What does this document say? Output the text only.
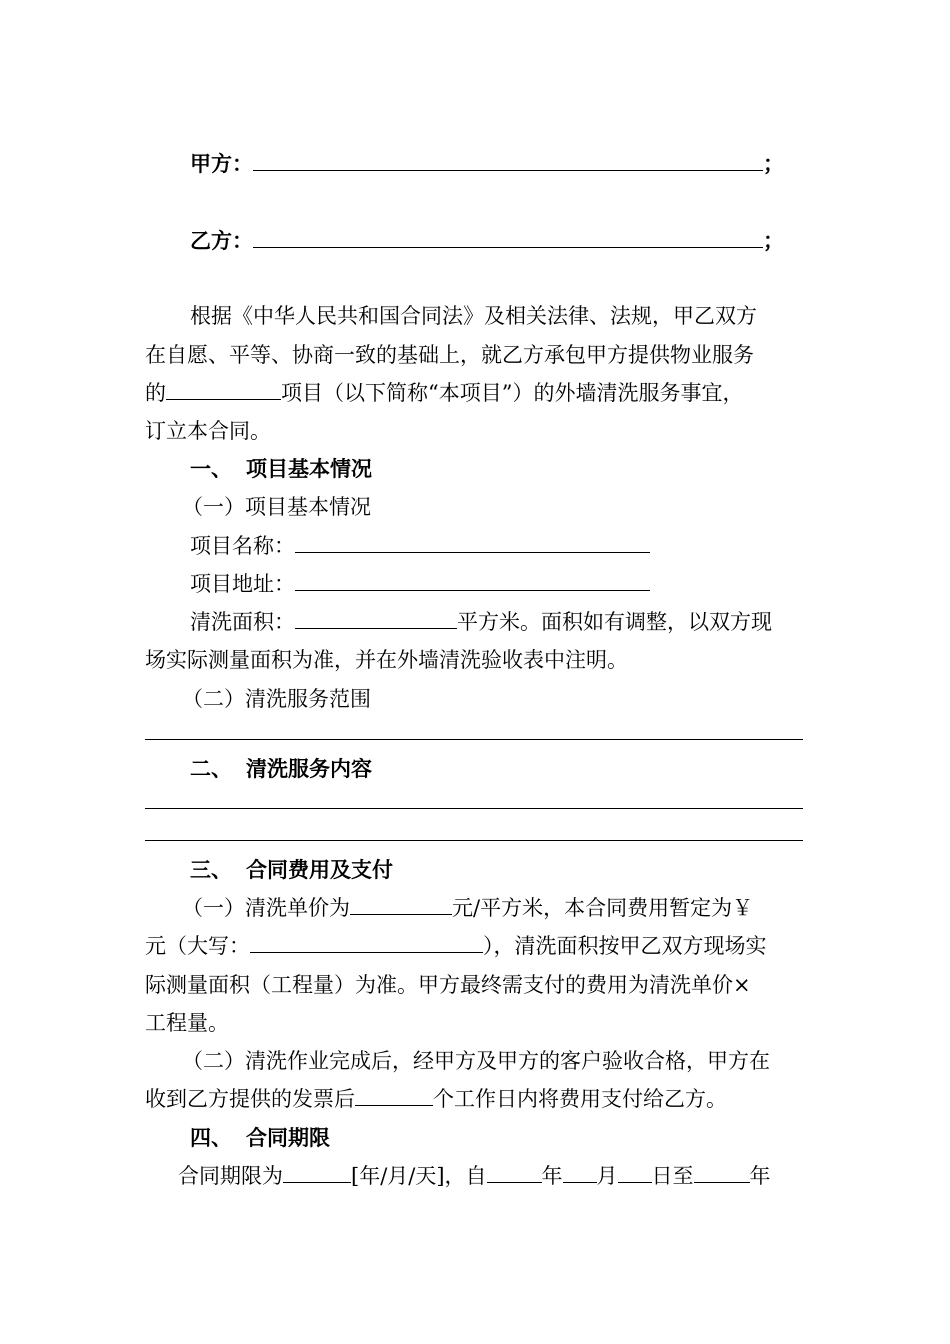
甲方：	；
乙方：	；
根据《中华人民共和国合同法》及相关法律、法规，甲乙双方
在自愿、平等、协商一致的基础上，就乙方承包甲方提供物业服务
的	项目（以下简称“本项目”）的外墙清洗服务事宜，
订立本合同。
一、 项目基本情况
（一）项目基本情况
项目名称：
项目地址：
清洗面积：	平方米。面积如有调整，以双方现
场实际测量面积为准，并在外墙清洗验收表中注明。
（二）清洗服务范围
二、 清洗服务内容
三、 合同费用及支付
（一）清洗单价为	元/平方米，本合同费用暂定为￥
元（大写：	），清洗面积按甲乙双方现场实
际测量面积（工程量）为准。甲方最终需支付的费用为清洗单价×
工程量。
（二）清洗作业完成后，经甲方及甲方的客户验收合格，甲方在
收到乙方提供的发票后	个工作日内将费用支付给乙方。
四、 合同期限
合同期限为	[年/月/天]，自	年 月 日至	年
